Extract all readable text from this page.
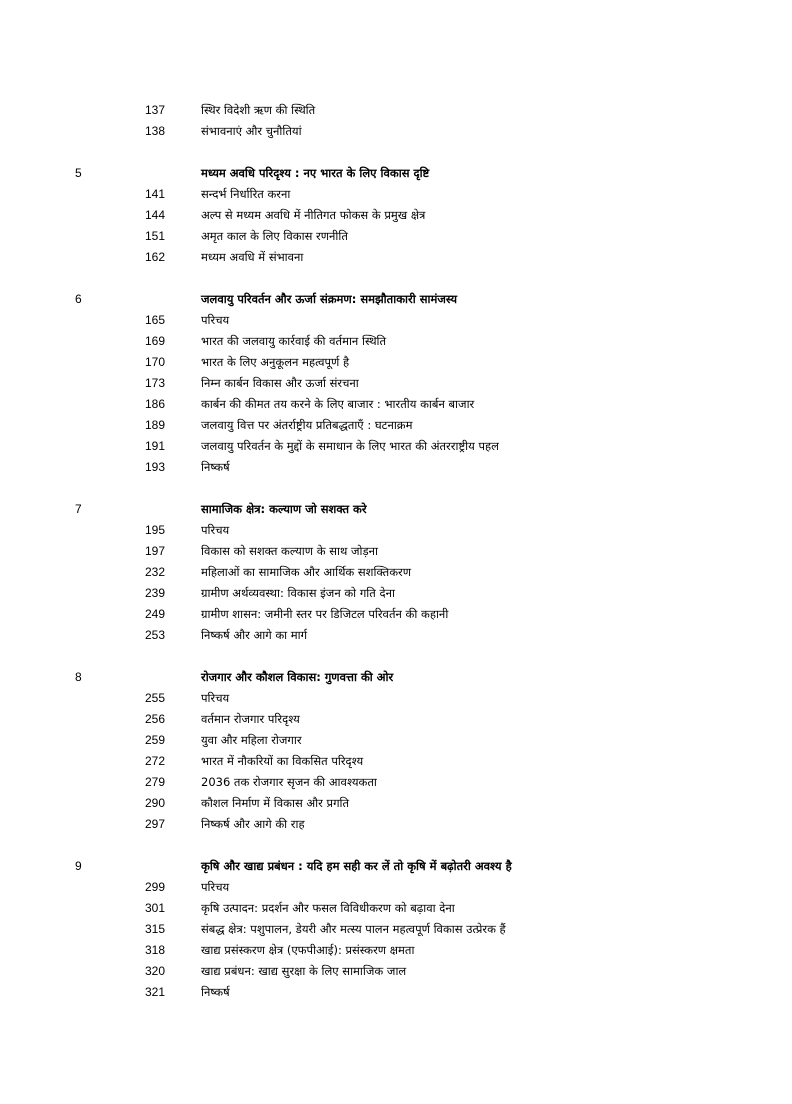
137	स्थिर विदेशी ऋण की स्थिति
138	संभावनाएं और चुनौतियां
5	मध्यम अवधि परिदृश्य : नए भारत के लिए विकास दृष्टि
141	सन्दर्भ निर्धारित करना
144	अल्प से मध्यम अवधि में नीतिगत फोकस के प्रमुख क्षेत्र
151	अमृत काल के लिए विकास रणनीति
162	मध्यम अवधि में संभावना
6	जलवायु परिवर्तन और ऊर्जा संक्रमण: समझौताकारी सामंजस्य
165	परिचय
169	भारत की जलवायु कार्रवाई की वर्तमान स्थिति
170	भारत के लिए अनुकूलन महत्वपूर्ण है
173	निम्न कार्बन विकास और ऊर्जा संरचना
186	कार्बन की कीमत तय करने के लिए बाजार : भारतीय कार्बन बाजार
189	जलवायु वित्त पर अंतर्राष्ट्रीय प्रतिबद्धताएँ : घटनाक्रम
191	जलवायु परिवर्तन के मुद्दों के समाधान के लिए भारत की अंतरराष्ट्रीय पहल
193	निष्कर्ष
7	सामाजिक क्षेत्र: कल्याण जो सशक्त करे
195	परिचय
197	विकास को सशक्त कल्याण के साथ जोड़ना
232	महिलाओं का सामाजिक और आर्थिक सशक्तिकरण
239	ग्रामीण अर्थव्यवस्था: विकास इंजन को गति देना
249	ग्रामीण शासन: जमीनी स्तर पर डिजिटल परिवर्तन की कहानी
253	निष्कर्ष और आगे का मार्ग
8	रोजगार और कौशल विकास: गुणवत्ता की ओर
255	परिचय
256	वर्तमान रोजगार परिदृश्य
259	युवा और महिला रोजगार
272	भारत में नौकरियों का विकसित परिदृश्य
279	2036 तक रोजगार सृजन की आवश्यकता
290	कौशल निर्माण में विकास और प्रगति
297	निष्कर्ष और आगे की राह
9	कृषि और खाद्य प्रबंधन : यदि हम सही कर लें तो कृषि में बढ़ोतरी अवश्य है
299	परिचय
301	कृषि उत्पादन: प्रदर्शन और फसल विविधीकरण को बढ़ावा देना
315	संबद्ध क्षेत्र: पशुपालन, डेयरी और मत्स्य पालन महत्वपूर्ण विकास उत्प्रेरक हैं
318	खाद्य प्रसंस्करण क्षेत्र (एफपीआई): प्रसंस्करण क्षमता
320	खाद्य प्रबंधन: खाद्य सुरक्षा के लिए सामाजिक जाल
321	निष्कर्ष
